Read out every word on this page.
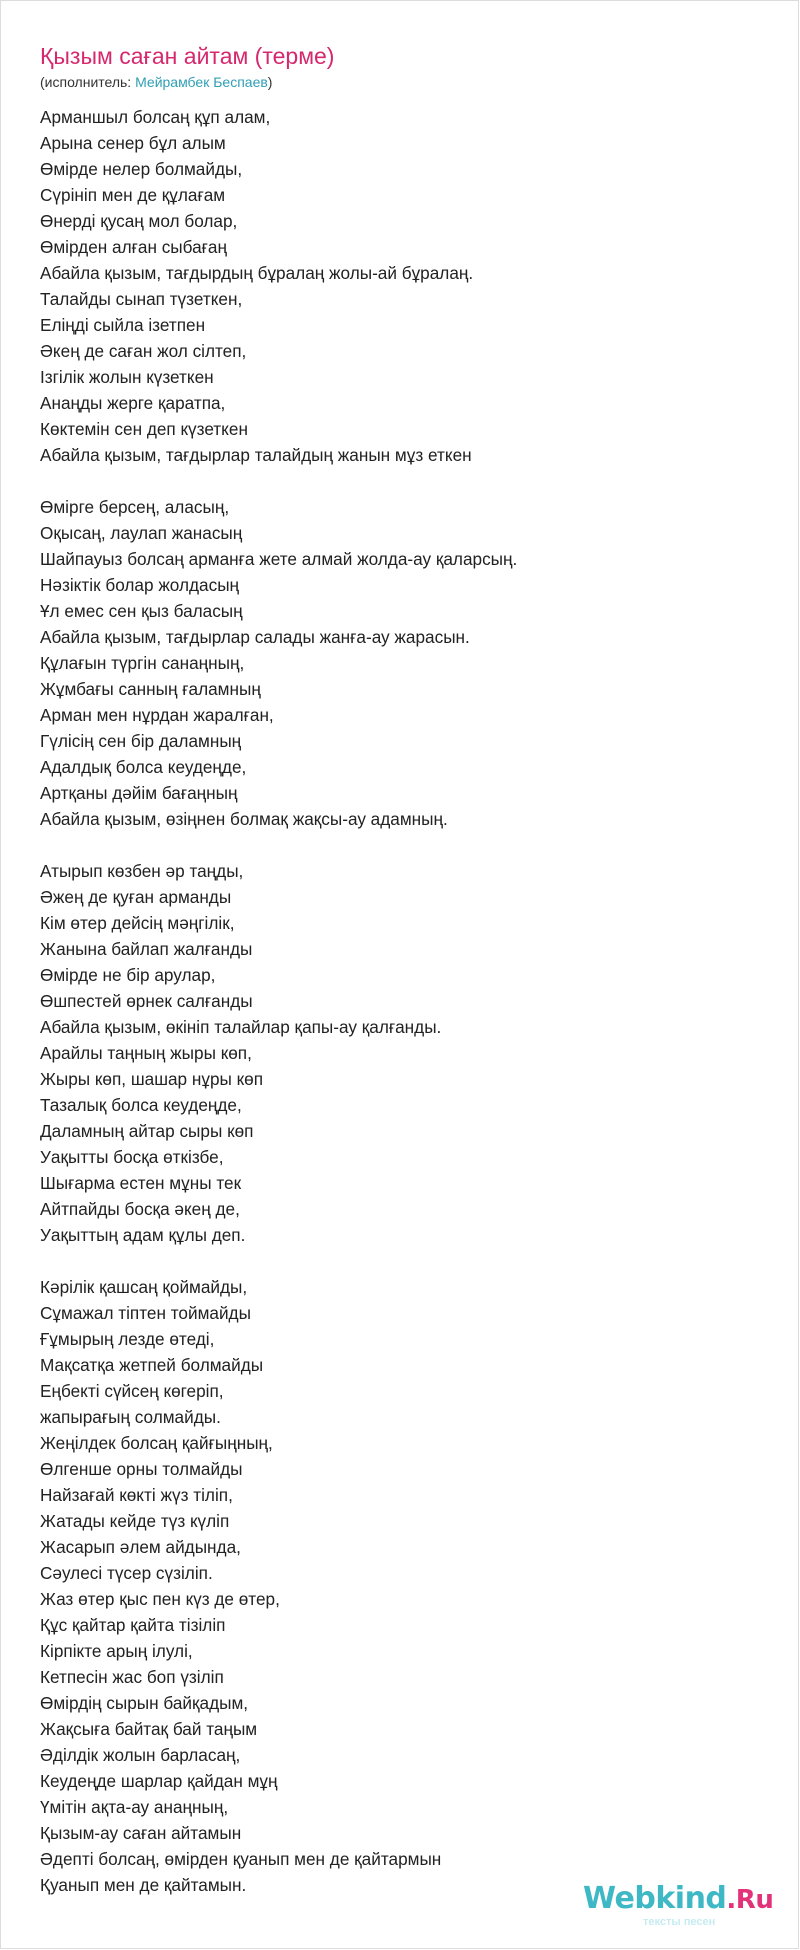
Қызым саған айтам (терме)
(исполнитель: Мейрамбек Беспаев)
Арманшыл болсаң құп алам,
Арына сенер бұл алым
Өмірде нелер болмайды,
Сүрініп мен де құлағам
Өнерді қусаң мол болар,
Өмірден алған сыбағаң
Абайла қызым, тағдырдың бұралаң жолы-ай бұралаң.
Талайды сынап түзеткен,
Еліңді сыйла ізетпен
Әкең де саған жол сілтеп,
Ізгілік жолын күзеткен
Анаңды жерге қаратпа,
Көктемін сен деп күзеткен
Абайла қызым, тағдырлар талайдың жанын мұз еткен
Өмірге берсең, аласың,
Оқысаң, лаулап жанасың
Шайпауыз болсаң арманға жете алмай жолда-ау қаларсың.
Нәзіктік болар жолдасың
Ұл емес сен қыз баласың
Абайла қызым, тағдырлар салады жанға-ау жарасын.
Құлағын түргін санаңның,
Жұмбағы санның ғаламның
Арман мен нұрдан жаралған,
Гүлісің сен бір даламның
Адалдық болса кеудеңде,
Артқаны дәйім бағаңның
Абайла қызым, өзіңнен болмақ жақсы-ау адамның.
Атырып көзбен әр таңды,
Әжең де қуған арманды
Кім өтер дейсің мәңгілік,
Жанына байлап жалғанды
Өмірде не бір арулар,
Өшпестей өрнек салғанды
Абайла қызым, өкініп талайлар қапы-ау қалғанды.
Арайлы таңның жыры көп,
Жыры көп, шашар нұры көп
Тазалық болса кеудеңде,
Даламның айтар сыры көп
Уақытты босқа өткізбе,
Шығарма естен мұны тек
Айтпайды босқа әкең де,
Уақыттың адам құлы деп.
Кәрілік қашсаң қоймайды,
Сұмажал тіптен тоймайды
Ғұмырың лезде өтеді,
Мақсатқа жетпей болмайды
Еңбекті сүйсең көгеріп,
жапырағың солмайды.
Жеңілдек болсаң қайғыңның,
Өлгенше орны толмайды
Найзағай көкті жүз тіліп,
Жатады кейде түз күліп
Жасарып әлем айдында,
Сәулесі түсер сүзіліп.
Жаз өтер қыс пен күз де өтер,
Құс қайтар қайта тізіліп
Кірпікте арың ілулі,
Кетпесін жас боп үзіліп
Өмірдің сырын байқадым,
Жақсыға байтақ бай таңым
Әділдік жолын барласаң,
Кеудеңде шарлар қайдан мұң
Үмітін ақта-ау анаңның,
Қызым-ау саған айтамын
Әдепті болсаң, өмірден қуанып мен де қайтармын
Қуанып мен де қайтамын.	Webkind.Ru
тексты песен
